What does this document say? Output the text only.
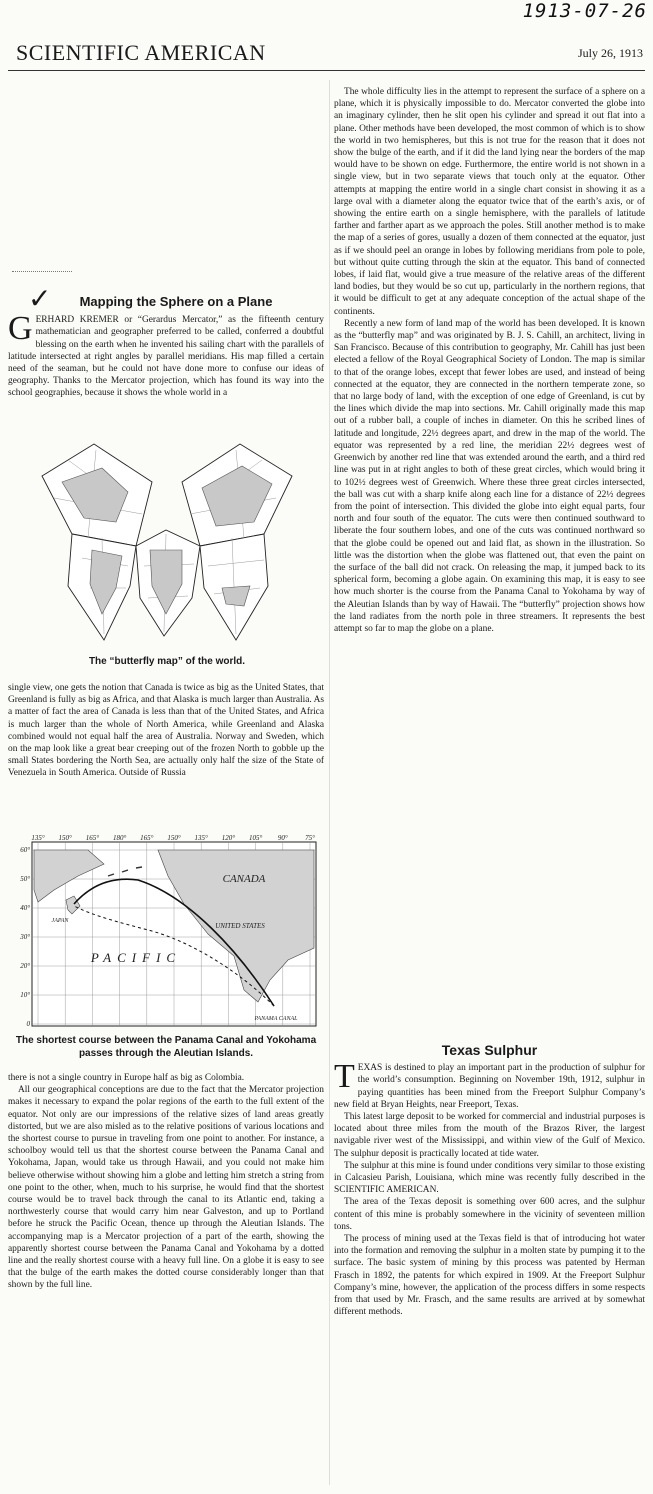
1913-07-26
SCIENTIFIC AMERICAN	July 26, 1913
✓	Mapping the Sphere on a Plane

GERHARD KREMER or “Gerardus Mercator,” as the fifteenth century mathematician and geographer preferred to be called, conferred a doubtful blessing on the earth when he invented his sailing chart with the parallels of latitude intersected at right angles by parallel meridians. His map filled a certain need of the seaman, but he could not have done more to confuse our ideas of geography. Thanks to the Mercator projection, which has found its way into the school geographies, because it shows the whole world in a

The “butterfly map” of the world.

single view, one gets the notion that Canada is twice as big as the United States, that Greenland is fully as big as Africa, and that Alaska is much larger than Australia. As a matter of fact the area of Canada is less than that of the United States, and Africa is much larger than the whole of North America, while Greenland and Alaska combined would not equal half the area of Australia. Norway and Sweden, which on the map look like a great bear creeping out of the frozen North to gobble up the small States bordering the North Sea, are actually only half the size of the State of Venezuela in South America. Outside of Russia

135° 150° 165° 180° 165° 150° 135° 120° 105° 90° 75°
60°
50°
40°
30°
20°
10°
0
CANADA
UNITED STATES
PACIFIC
JAPAN
PANAMA CANAL
The shortest course between the Panama Canal and Yokohama passes through the Aleutian Islands.

there is not a single country in Europe half as big as Colombia.

All our geographical conceptions are due to the fact that the Mercator projection makes it necessary to expand the polar regions of the earth to the full extent of the equator. Not only are our impressions of the relative sizes of land areas greatly distorted, but we are also misled as to the relative positions of various locations and the shortest course to pursue in traveling from one point to another. For instance, a schoolboy would tell us that the shortest course between the Panama Canal and Yokohama, Japan, would take us through Hawaii, and you could not make him believe otherwise without showing him a globe and letting him stretch a string from one point to the other, when, much to his surprise, he would find that the shortest course would be to travel back through the canal to its Atlantic end, taking a northwesterly course that would carry him near Galveston, and up to Portland before he struck the Pacific Ocean, thence up through the Aleutian Islands. The accompanying map is a Mercator projection of a part of the earth, showing the apparently shortest course between the Panama Canal and Yokohama by a dotted line and the really shortest course with a heavy full line. On a globe it is easy to see that the bulge of the earth makes the dotted course considerably longer than that shown by the full line.

The whole difficulty lies in the attempt to represent the surface of a sphere on a plane, which it is physically impossible to do. Mercator converted the globe into an imaginary cylinder, then he slit open his cylinder and spread it out flat into a plane. Other methods have been developed, the most common of which is to show the world in two hemispheres, but this is not true for the reason that it does not show the bulge of the earth, and if it did the land lying near the borders of the map would have to be shown on edge. Furthermore, the entire world is not shown in a single view, but in two separate views that touch only at the equator. Other attempts at mapping the entire world in a single chart consist in showing it as a large oval with a diameter along the equator twice that of the earth’s axis, or of showing the entire earth on a single hemisphere, with the parallels of latitude farther and farther apart as we approach the poles. Still another method is to make the map of a series of gores, usually a dozen of them connected at the equator, just as if we should peel an orange in lobes by following meridians from pole to pole, but without quite cutting through the skin at the equator. This band of connected lobes, if laid flat, would give a true measure of the relative areas of the different land bodies, but they would be so cut up, particularly in the northern regions, that it would be difficult to get at any adequate conception of the actual shape of the continents.

Recently a new form of land map of the world has been developed. It is known as the “butterfly map” and was originated by B. J. S. Cahill, an architect, living in San Francisco. Because of this contribution to geography, Mr. Cahill has just been elected a fellow of the Royal Geographical Society of London. The map is similar to that of the orange lobes, except that fewer lobes are used, and instead of being connected at the equator, they are connected in the northern temperate zone, so that no large body of land, with the exception of one edge of Greenland, is cut by the lines which divide the map into sections. Mr. Cahill originally made this map out of a rubber ball, a couple of inches in diameter. On this he scribed lines of latitude and longitude, 22½ degrees apart, and drew in the map of the world. The equator was represented by a red line, the meridian 22½ degrees west of Greenwich by another red line that was extended around the earth, and a third red line was put in at right angles to both of these great circles, which would bring it to 102½ degrees west of Greenwich. Where these three great circles intersected, the ball was cut with a sharp knife along each line for a distance of 22½ degrees from the point of intersection. This divided the globe into eight equal parts, four north and four south of the equator. The cuts were then continued southward to liberate the four southern lobes, and one of the cuts was continued northward so that the globe could be opened out and laid flat, as shown in the illustration. So little was the distortion when the globe was flattened out, that even the paint on the surface of the ball did not crack. On releasing the map, it jumped back to its spherical form, becoming a globe again. On examining this map, it is easy to see how much shorter is the course from the Panama Canal to Yokohama by way of the Aleutian Islands than by way of Hawaii. The “butterfly” projection shows how the land radiates from the north pole in three streamers. It represents the best attempt so far to map the globe on a plane.

Texas Sulphur

TEXAS is destined to play an important part in the production of sulphur for the world’s consumption. Beginning on November 19th, 1912, sulphur in paying quantities has been mined from the Freeport Sulphur Company’s new field at Bryan Heights, near Freeport, Texas.

This latest large deposit to be worked for commercial and industrial purposes is located about three miles from the mouth of the Brazos River, the largest navigable river west of the Mississippi, and within view of the Gulf of Mexico. The sulphur deposit is practically located at tide water.

The sulphur at this mine is found under conditions very similar to those existing in Calcasieu Parish, Louisiana, which mine was recently fully described in the SCIENTIFIC AMERICAN.

The area of the Texas deposit is something over 600 acres, and the sulphur content of this mine is probably somewhere in the vicinity of seventeen million tons.

The process of mining used at the Texas field is that of introducing hot water into the formation and removing the sulphur in a molten state by pumping it to the surface. The basic system of mining by this process was patented by Herman Frasch in 1892, the patents for which expired in 1909. At the Freeport Sulphur Company’s mine, however, the application of the process differs in some respects from that used by Mr. Frasch, and the same results are arrived at by somewhat different methods.
